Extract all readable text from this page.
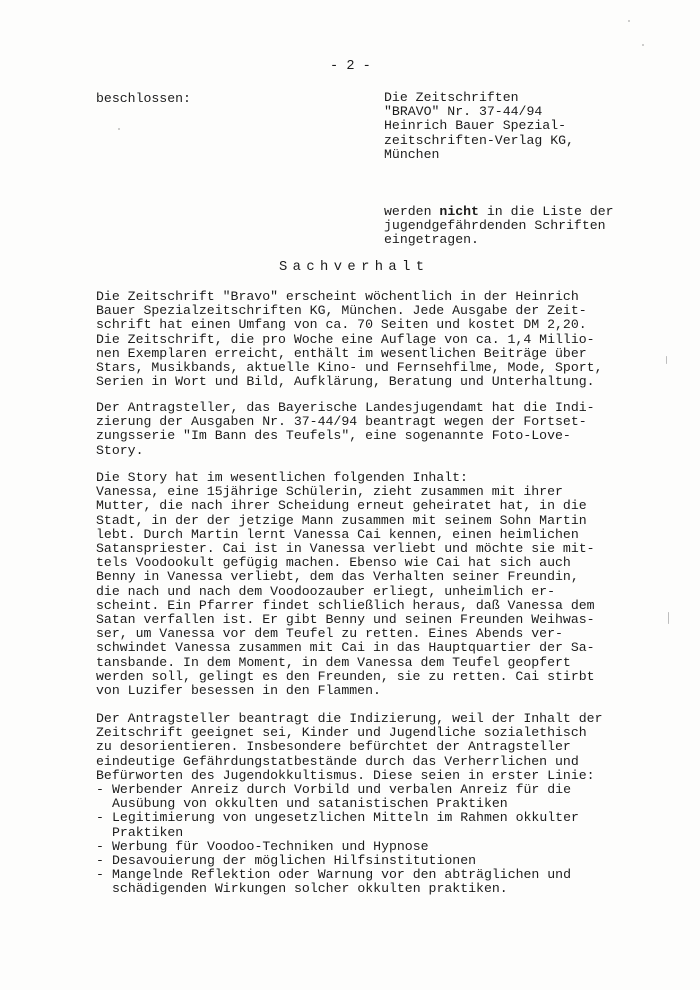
- 2 -
beschlossen:	Die Zeitschriften
"BRAVO" Nr. 37-44/94
Heinrich Bauer Spezial-
zeitschriften-Verlag KG,
München
werden nicht in die Liste der
jugendgefährdenden Schriften
eingetragen.
Sachverhalt
Die Zeitschrift "Bravo" erscheint wöchentlich in der Heinrich
Bauer Spezialzeitschriften KG, München. Jede Ausgabe der Zeit-
schrift hat einen Umfang von ca. 70 Seiten und kostet DM 2,20.
Die Zeitschrift, die pro Woche eine Auflage von ca. 1,4 Millio-
nen Exemplaren erreicht, enthält im wesentlichen Beiträge über
Stars, Musikbands, aktuelle Kino- und Fernsehfilme, Mode, Sport,
Serien in Wort und Bild, Aufklärung, Beratung und Unterhaltung.
Der Antragsteller, das Bayerische Landesjugendamt hat die Indi-
zierung der Ausgaben Nr. 37-44/94 beantragt wegen der Fortset-
zungsserie "Im Bann des Teufels", eine sogenannte Foto-Love-
Story.
Die Story hat im wesentlichen folgenden Inhalt:
Vanessa, eine 15jährige Schülerin, zieht zusammen mit ihrer
Mutter, die nach ihrer Scheidung erneut geheiratet hat, in die
Stadt, in der der jetzige Mann zusammen mit seinem Sohn Martin
lebt. Durch Martin lernt Vanessa Cai kennen, einen heimlichen
Satanspriester. Cai ist in Vanessa verliebt und möchte sie mit-
tels Voodookult gefügig machen. Ebenso wie Cai hat sich auch
Benny in Vanessa verliebt, dem das Verhalten seiner Freundin,
die nach und nach dem Voodoozauber erliegt, unheimlich er-
scheint. Ein Pfarrer findet schließlich heraus, daß Vanessa dem
Satan verfallen ist. Er gibt Benny und seinen Freunden Weihwas-
ser, um Vanessa vor dem Teufel zu retten. Eines Abends ver-
schwindet Vanessa zusammen mit Cai in das Hauptquartier der Sa-
tansbande. In dem Moment, in dem Vanessa dem Teufel geopfert
werden soll, gelingt es den Freunden, sie zu retten. Cai stirbt
von Luzifer besessen in den Flammen.
Der Antragsteller beantragt die Indizierung, weil der Inhalt der
Zeitschrift geeignet sei, Kinder und Jugendliche sozialethisch
zu desorientieren. Insbesondere befürchtet der Antragsteller
eindeutige Gefährdungstatbestände durch das Verherrlichen und
Befürworten des Jugendokkultismus. Diese seien in erster Linie:
- Werbender Anreiz durch Vorbild und verbalen Anreiz für die
Ausübung von okkulten und satanistischen Praktiken
- Legitimierung von ungesetzlichen Mitteln im Rahmen okkulter
Praktiken
- Werbung für Voodoo-Techniken und Hypnose
- Desavouierung der möglichen Hilfsinstitutionen
- Mangelnde Reflektion oder Warnung vor den abträglichen und
schädigenden Wirkungen solcher okkulten praktiken.
